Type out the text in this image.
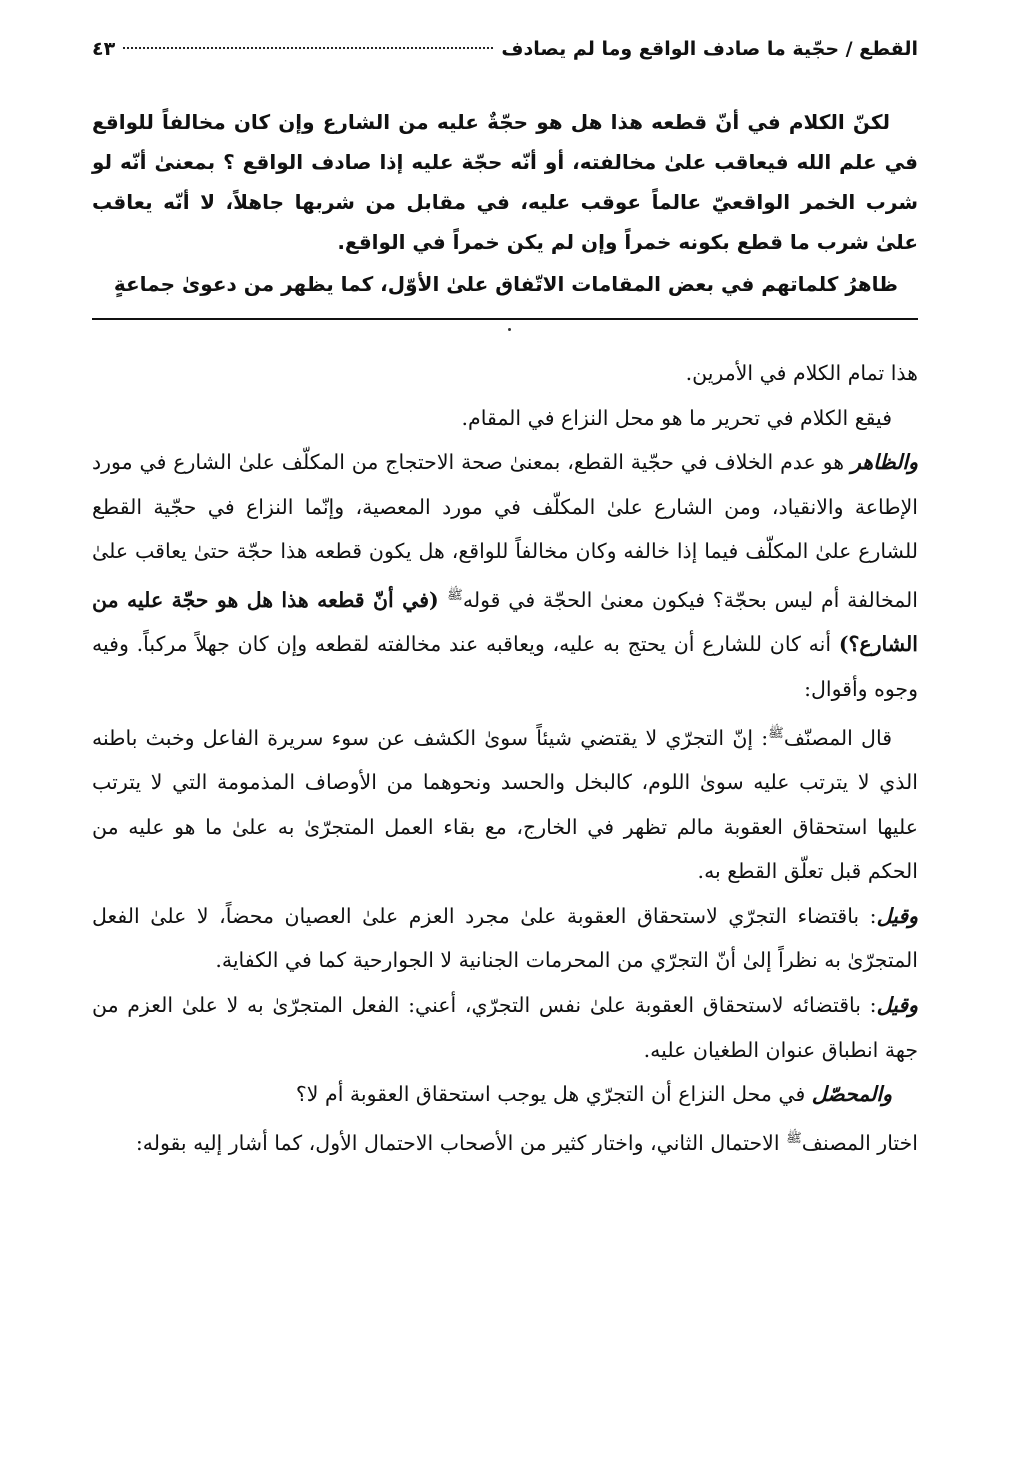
القطع / حجّية ما صادف الواقع وما لم يصادف
٤٣

لكنّ الكلام في أنّ قطعه هذا هل هو حجّةٌ عليه من الشارع وإن كان مخالفاً للواقع في علم الله فيعاقب علىٰ مخالفته، أو أنّه حجّة عليه إذا صادف الواقع ؟ بمعنىٰ أنّه لو شرب الخمر الواقعيّ عالماً عوقب عليه، في مقابل من شربها جاهلاً، لا أنّه يعاقب علىٰ شرب ما قطع بكونه خمراً وإن لم يكن خمراً في الواقع.

ظاهرُ كلماتهم في بعض المقامات الاتّفاق علىٰ الأوّل، كما يظهر من دعوىٰ جماعةٍ

هذا تمام الكلام في الأمرين.

فيقع الكلام في تحرير ما هو محل النزاع في المقام.

والظاهر هو عدم الخلاف في حجّية القطع، بمعنىٰ صحة الاحتجاج من المكلّف علىٰ الشارع في مورد الإطاعة والانقياد، ومن الشارع علىٰ المكلّف في مورد المعصية، وإنّما النزاع في حجّية القطع للشارع علىٰ المكلّف فيما إذا خالفه وكان مخالفاً للواقع، هل يكون قطعه هذا حجّة حتىٰ يعاقب علىٰ المخالفة أم ليس بحجّة؟ فيكون معنىٰ الحجّة في قوله$^ﷺ$ (في أنّ قطعه هذا هل هو حجّة عليه من الشارع؟) أنه كان للشارع أن يحتج به عليه، ويعاقبه عند مخالفته لقطعه وإن كان جهلاً مركباً. وفيه وجوه وأقوال:

قال المصنّف$^ﷺ$: إنّ التجرّي لا يقتضي شيئاً سوىٰ الكشف عن سوء سريرة الفاعل وخبث باطنه الذي لا يترتب عليه سوىٰ اللوم، كالبخل والحسد ونحوهما من الأوصاف المذمومة التي لا يترتب عليها استحقاق العقوبة مالم تظهر في الخارج، مع بقاء العمل المتجرّىٰ به علىٰ ما هو عليه من الحكم قبل تعلّق القطع به.

وقيل: باقتضاء التجرّي لاستحقاق العقوبة علىٰ مجرد العزم علىٰ العصيان محضاً، لا علىٰ الفعل المتجرّىٰ به نظراً إلىٰ أنّ التجرّي من المحرمات الجنانية لا الجوارحية كما في الكفاية.

وقيل: باقتضائه لاستحقاق العقوبة علىٰ نفس التجرّي، أعني: الفعل المتجرّىٰ به لا علىٰ العزم من جهة انطباق عنوان الطغيان عليه.

والمحصّل في محل النزاع أن التجرّي هل يوجب استحقاق العقوبة أم لا؟

اختار المصنف$^ﷺ$ الاحتمال الثاني، واختار كثير من الأصحاب الاحتمال الأول، كما أشار إليه بقوله:
